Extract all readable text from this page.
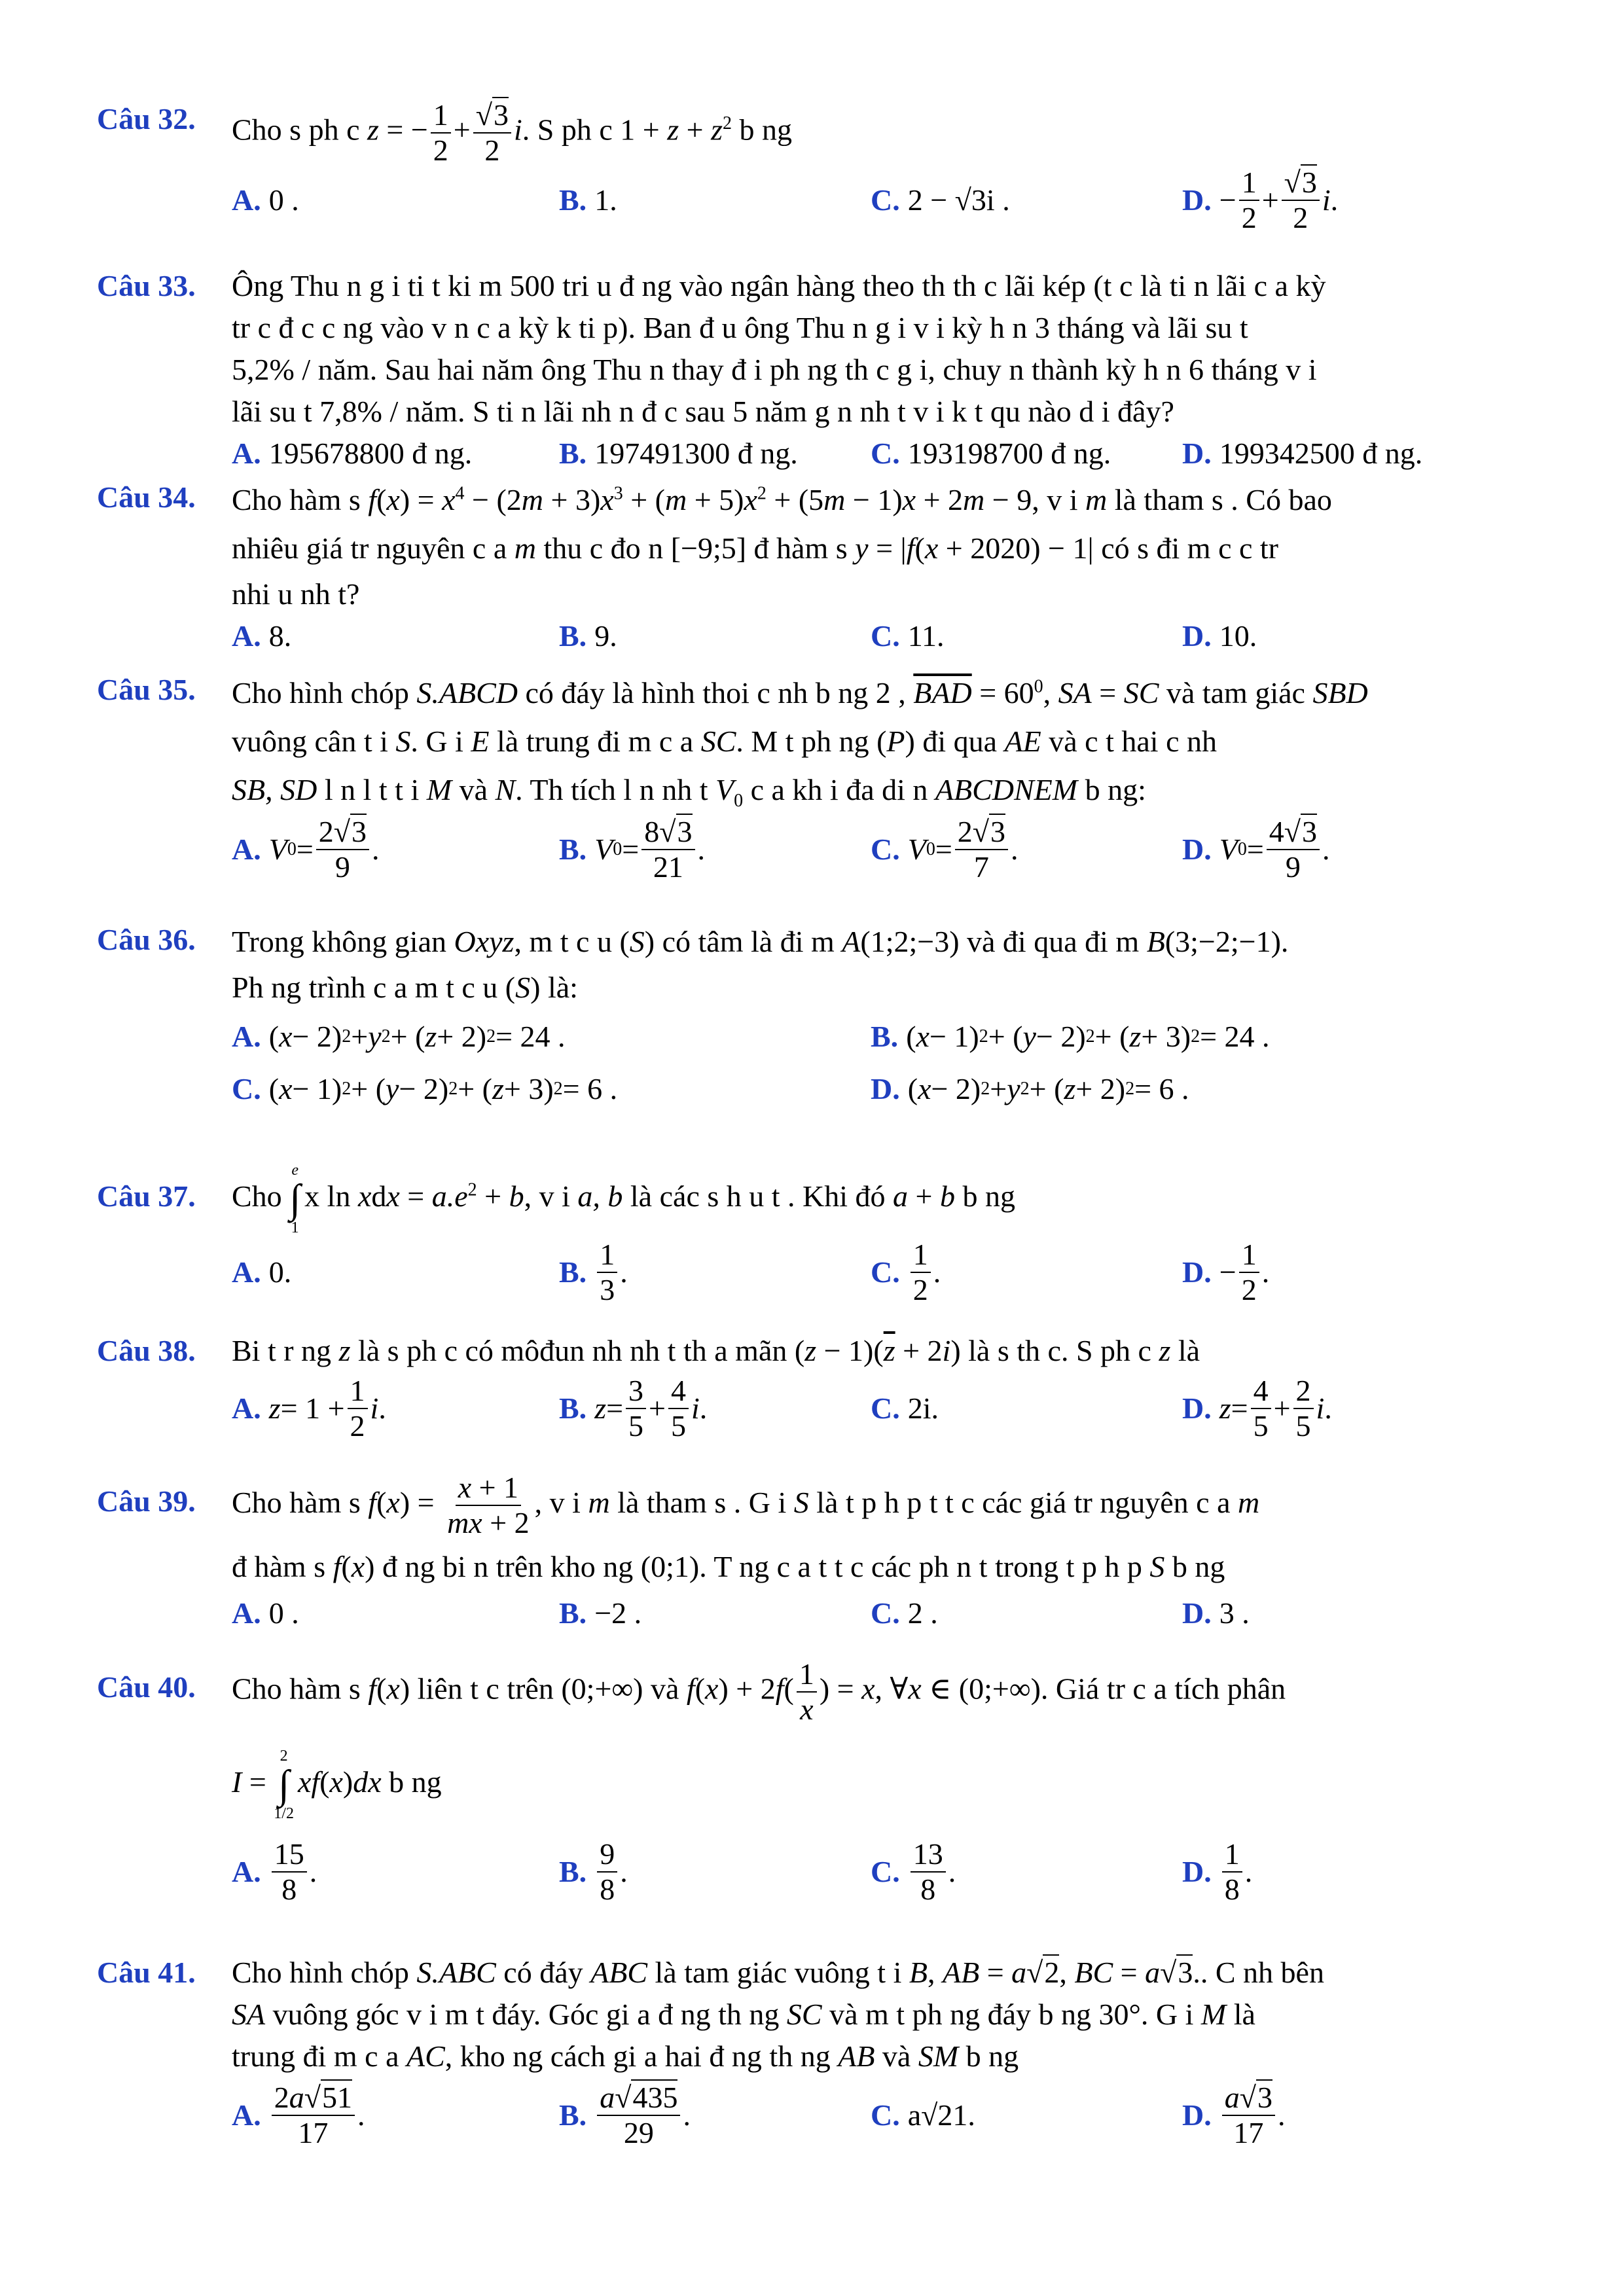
Câu 32. Cho s ph c z = − $\frac{1}{2} + \frac{√3}{2} i$. S ph c $1 + z + z^2$ b ng
A. 0 .	B. 1.	C. 2 − √3i .	D. −
1
2
+
√3
2
i .
Câu 33. Ông Thu n g i ti t ki m 500 tri u đ ng vào ngân hàng theo th th c lãi kép (t c là ti n lãi c a kỳ
tr c đ c c ng vào v n c a kỳ k ti p). Ban đ u ông Thu n g i v i kỳ h n 3 tháng và lãi su t
5,2% / năm. Sau hai năm ông Thu n thay đ i ph ng th c g i, chuy n thành kỳ h n 6 tháng v i
lãi su t 7,8% / năm. S ti n lãi nh n đ c sau 5 năm g n nh t v i k t qu nào d i đây?
A. 195678800 đ ng.	B. 197491300 đ ng. C. 193198700 đ ng. D. 199342500 đ ng.
Câu 34. Cho hàm s $f(x) = x^4 - (2m + 3)x^3 + (m + 5)x^2 + (5m - 1)x + 2m - 9$, v i m là tham s . Có bao
nhiêu giá tr nguyên c a m thu c đo n [−9;5] đ hàm s y = |f(x + 2020) − 1| có s đi m c c tr
nhi u nh t?
A. 8.	B. 9.	C. 11.	D. 10.
Câu 35. Cho hình chóp S.ABCD có đáy là hình thoi c nh b ng 2 , $\overline{BAD} = 60^0$, SA = SC và tam giác SBD
vuông cân t i S. G i E là trung đi m c a SC. M t ph ng (P) đi qua AE và c t hai c nh
SB, SD l n l t t i M và N. Th tích l n nh t $V_0$ c a kh i đa di n ABCDNEM b ng:
A. V 0 =
2√3
9
.	B. V 0 =
8√3
21
.	C. V 0 =
2√3
7
.	D. V 0 =
4√3
9
.
Câu 36. Trong không gian Oxyz, m t c u (S) có tâm là đi m A(1;2;−3) và đi qua đi m B(3;−2;−1).
Ph ng trình c a m t c u (S) là:
A. ( x − 2) 2 + y 2 + ( z + 2) 2 = 24 .	B. ( x − 1) 2 + ( y − 2) 2 + ( z + 3) 2 = 24 .
C. ( x − 1) 2 + ( y − 2) 2 + ( z + 3) 2 = 6 .	D. ( x − 2) 2 + y 2 + ( z + 2) 2 = 6 .
Câu 37. Cho
e
∫
1
x ln xdx = $a.e^2 + b$, v i a, b là các s h u t . Khi đó a + b b ng
A. 0.	B.
1
3
.	C.
1
2
.	D. −
1
2
.
Câu 38. Bi t r ng z là s ph c có môđun nh nh t th a mãn $(z - 1)(\overline{z} + 2i)$ là s th c. S ph c z là
A. z = 1 +
1
2
i .	B. z =
3
5
+
4
5
i .	C. 2i.	D. z =
4
5
+
2
5
i .
Câu 39. Cho hàm s $f(x) = \frac{x + 1}{mx + 2}$ , v i m là tham s . G i S là t p h p t t c các giá tr nguyên c a m
đ hàm s f(x) đ ng bi n trên kho ng (0;1). T ng c a t t c các ph n t trong t p h p S b ng
A. 0 .	B. −2 .	C. 2 .	D. 3 .
Câu 40. Cho hàm s f(x) liên t c trên (0;+∞) và $f(x) + 2f( \frac{1}{x}$ ) = x, ∀x ∈ (0;+∞). Giá tr c a tích phân
I =
2
∫
1/2
xf(x)dx b ng
A.
15
8
.	B.
9
8
.	C.
13
8
.	D.
1
8
.
Câu 41. Cho hình chóp S.ABC có đáy ABC là tam giác vuông t i B, AB = a√2, BC = a√3.. C nh bên
SA vuông góc v i m t đáy. Góc gi a đ ng th ng SC và m t ph ng đáy b ng 30°. G i M là
trung đi m c a AC, kho ng cách gi a hai đ ng th ng AB và SM b ng
A.
2a√51
17
.	B.
a√435
29
.	C. a√21.	D.
a√3
17
.
